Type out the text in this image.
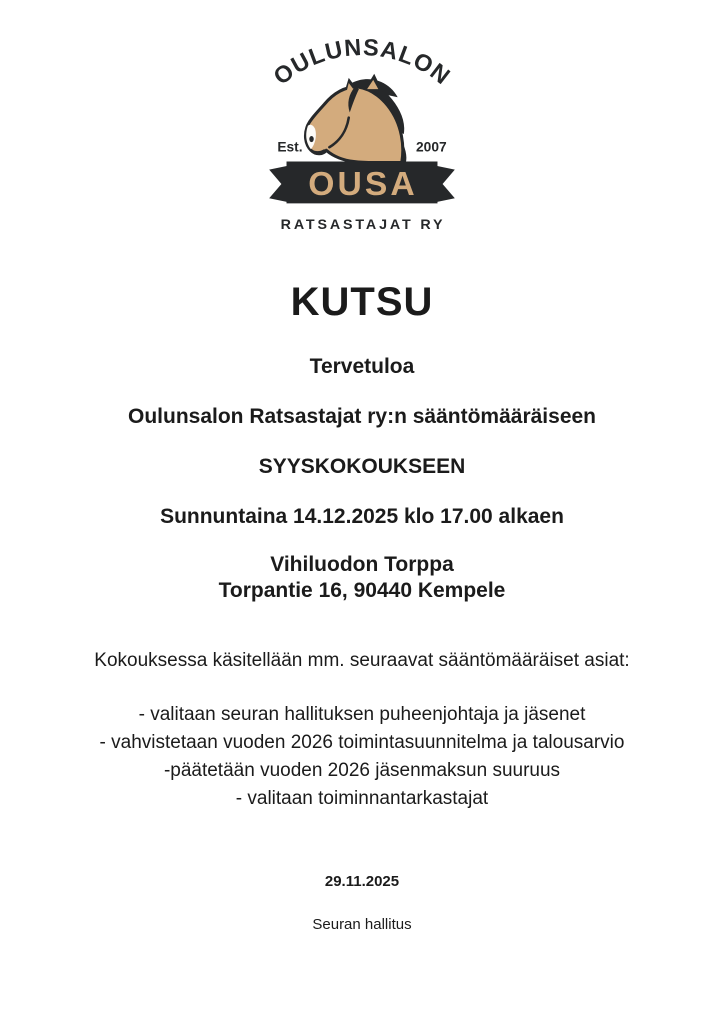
OULUNSALON
Est.	2007
OUSA
RATSASTAJAT RY
KUTSU
Tervetuloa
Oulunsalon Ratsastajat ry:n sääntömääräiseen
SYYSKOKOUKSEEN
Sunnuntaina 14.12.2025 klo 17.00 alkaen
Vihiluodon Torppa
Torpantie 16, 90440 Kempele
Kokouksessa käsitellään mm. seuraavat sääntömääräiset asiat:
- valitaan seuran hallituksen puheenjohtaja ja jäsenet
- vahvistetaan vuoden 2026 toimintasuunnitelma ja talousarvio
-päätetään vuoden 2026 jäsenmaksun suuruus
- valitaan toiminnantarkastajat
29.11.2025
Seuran hallitus
